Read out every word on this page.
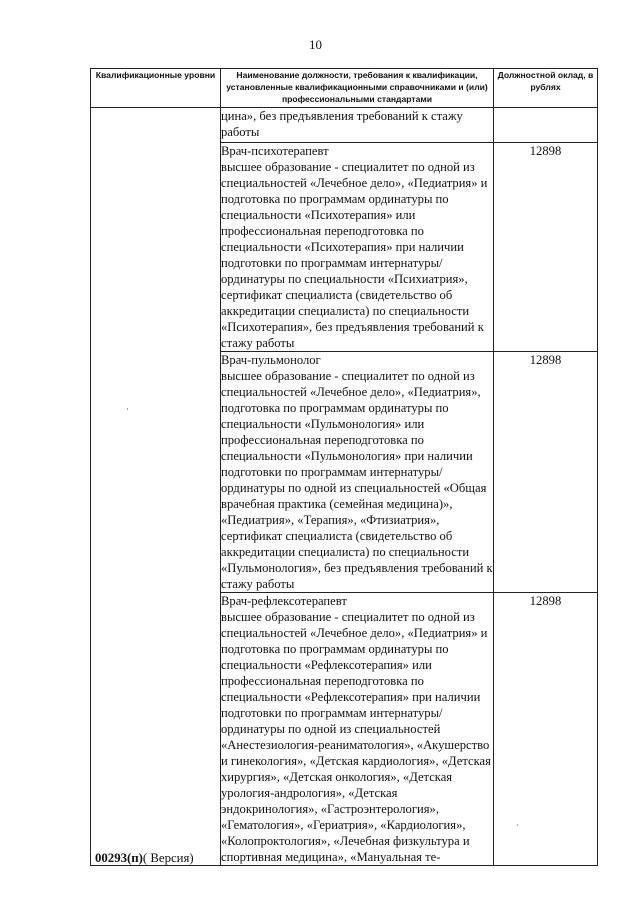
10
Квалификационные уровни	Наименование должности, требования к квалификации, установленные квалификационными справочниками и (или) профессиональными стандартами	Должностной оклад, в рублях
	цина», без предъявления требований к стажу работы	

	Врач-психотерапевт
высшее образование - специалитет по одной из специальностей «Лечебное дело», «Педиатрия» и подготовка по программам ординатуры по специальности «Психотерапия» или профессиональная переподготовка по специальности «Психотерапия» при наличии подготовки по программам интернатуры/ординатуры по специальности «Психиатрия», сертификат специалиста (свидетельство об аккредитации специалиста) по специальности «Психотерапия», без предъявления требований к стажу работы	12898

	Врач-пульмонолог
высшее образование - специалитет по одной из специальностей «Лечебное дело», «Педиатрия», подготовка по программам ординатуры по специальности «Пульмонология» или профессиональная переподготовка по специальности «Пульмонология» при наличии подготовки по программам интернатуры/ординатуры по одной из специальностей «Общая врачебная практика (семейная медицина)», «Педиатрия», «Терапия», «Фтизиатрия», сертификат специалиста (свидетельство об аккредитации специалиста) по специальности «Пульмонология», без предъявления требований к стажу работы	12898

	Врач-рефлексотерапевт
высшее образование - специалитет по одной из специальностей «Лечебное дело», «Педиатрия» и подготовка по программам ординатуры по специальности «Рефлексотерапия» или профессиональная переподготовка по специальности «Рефлексотерапия» при наличии подготовки по программам интернатуры/ординатуры по одной из специальностей «Анестезиология-реаниматология», «Акушерство и гинекология», «Детская кардиология», «Детская хирургия», «Детская онкология», «Детская урология-андрология», «Детская эндокринология», «Гастроэнтерология», «Гематология», «Гериатрия», «Кардиология», «Колопроктология», «Лечебная физкультура и спортивная медицина», «Мануальная те-	12898
·
ˊ
00293(п)( Версия)
